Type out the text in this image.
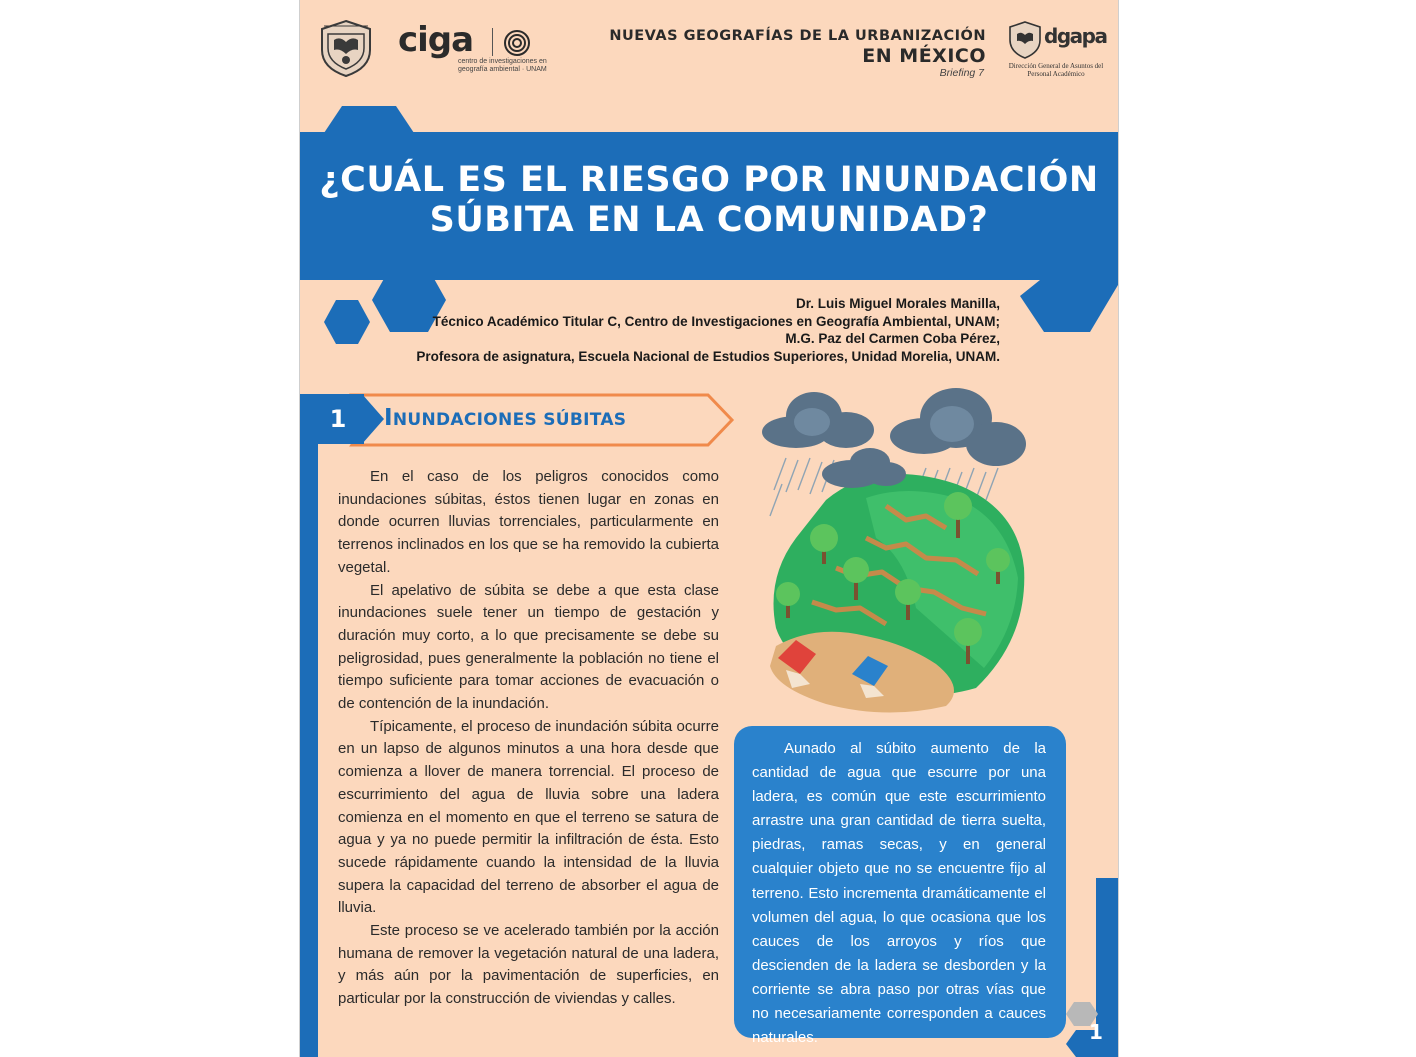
ciga
centro de investigaciones en geografía ambiental · UNAM
NUEVAS GEOGRAFÍAS DE LA URBANIZACIÓN
EN MÉXICO
Briefing 7
dgapa
Dirección General de Asuntos del Personal Académico
¿CUÁL ES EL RIESGO POR INUNDACIÓN
SÚBITA EN LA COMUNIDAD?
Dr. Luis Miguel Morales Manilla,
Técnico Académico Titular C, Centro de Investigaciones en Geografía Ambiental, UNAM;
M.G. Paz del Carmen Coba Pérez,
Profesora de asignatura, Escuela Nacional de Estudios Superiores, Unidad Morelia, UNAM.
1	INUNDACIONES SÚBITAS

En el caso de los peligros conocidos como inundaciones súbitas, éstos tienen lugar en zonas en donde ocurren lluvias torrenciales, particularmente en terrenos inclinados en los que se ha removido la cubierta vegetal.

El apelativo de súbita se debe a que esta clase inundaciones suele tener un tiempo de gestación y duración muy corto, a lo que precisamente se debe su peligrosidad, pues generalmente la población no tiene el tiempo suficiente para tomar acciones de evacuación o de contención de la inundación.

Típicamente, el proceso de inundación súbita ocurre en un lapso de algunos minutos a una hora desde que comienza a llover de manera torrencial. El proceso de escurrimiento del agua de lluvia sobre una ladera comienza en el momento en que el terreno se satura de agua y ya no puede permitir la infiltración de ésta. Esto sucede rápidamente cuando la intensidad de la lluvia supera la capacidad del terreno de absorber el agua de lluvia.

Este proceso se ve acelerado también por la acción humana de remover la vegetación natural de una ladera, y más aún por la pavimentación de superficies, en particular por la construcción de viviendas y calles.

Aunado al súbito aumento de la cantidad de agua que escurre por una ladera, es común que este escurrimiento arrastre una gran cantidad de tierra suelta, piedras, ramas secas, y en general cualquier objeto que no se encuentre fijo al terreno. Esto incrementa dramáticamente el volumen del agua, lo que ocasiona que los cauces de los arroyos y ríos que descienden de la ladera se desborden y la corriente se abra paso por otras vías que no necesariamente corresponden a cauces naturales.	1
